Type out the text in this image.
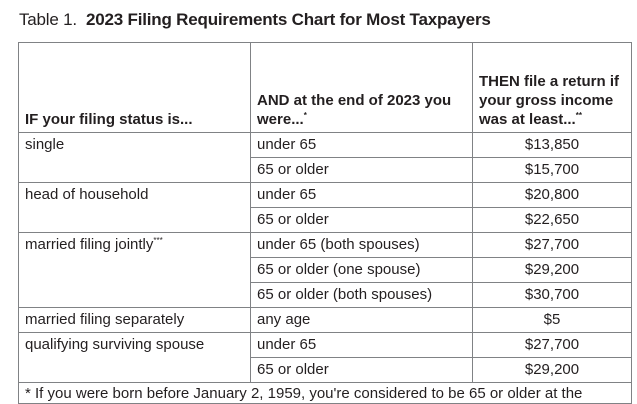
Table 1. 2023 Filing Requirements Chart for Most Taxpayers
IF your filing status is...	AND at the end of 2023 you were...*	THEN file a return if your gross income was at least...**
single	under 65	$13,850
	65 or older	$15,700
head of household	under 65	$20,800
	65 or older	$22,650
married filing jointly***	under 65 (both spouses)	$27,700
	65 or older (one spouse)	$29,200
	65 or older (both spouses)	$30,700
married filing separately	any age	$5
qualifying surviving spouse	under 65	$27,700
	65 or older	$29,200
* If you were born before January 2, 1959, you're considered to be 65 or older at the		
